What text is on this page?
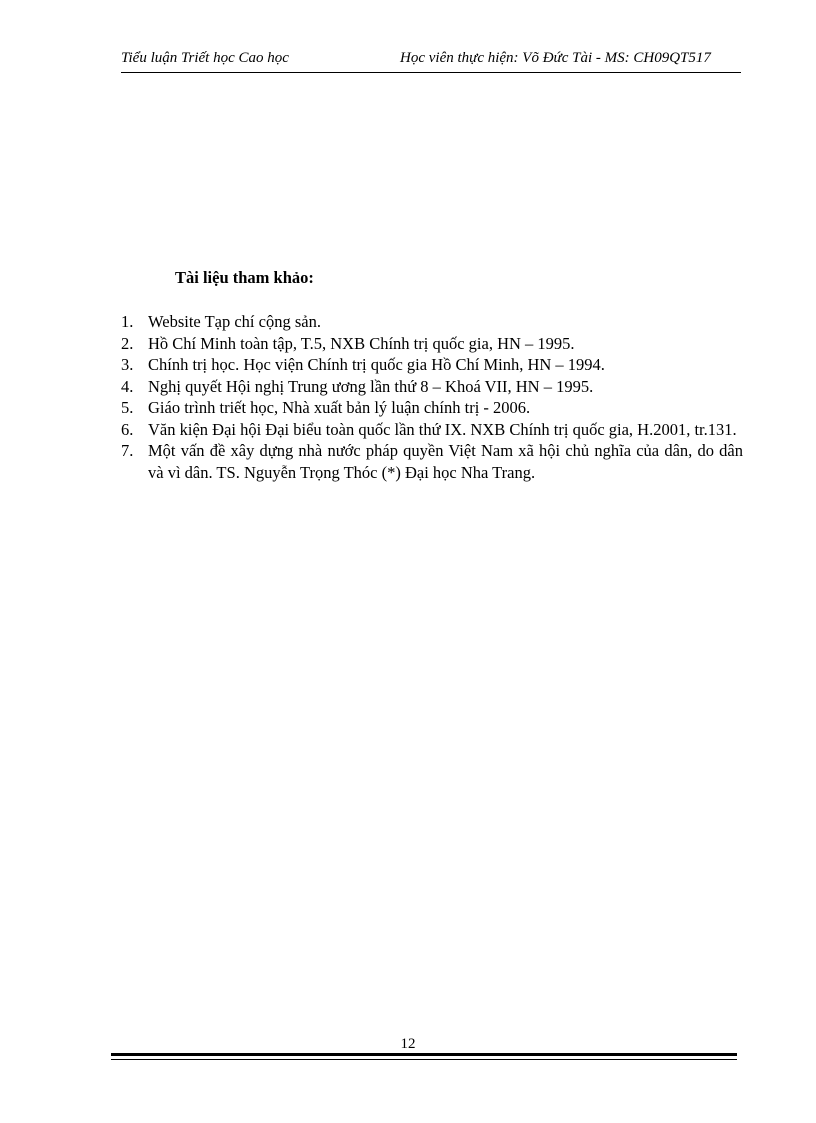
Tiểu luận Triết học Cao học	Học viên thực hiện: Võ Đức Tài - MS: CH09QT517
Tài liệu tham khảo:
1. Website Tạp chí cộng sản.
2. Hồ Chí Minh toàn tập, T.5, NXB Chính trị quốc gia, HN – 1995.
3. Chính trị học. Học viện Chính trị quốc gia Hồ Chí Minh, HN – 1994.
4. Nghị quyết Hội nghị Trung ương lần thứ 8 – Khoá VII, HN – 1995.
5. Giáo trình triết học, Nhà xuất bản lý luận chính trị - 2006.
6. Văn kiện Đại hội Đại biểu toàn quốc lần thứ IX. NXB Chính trị quốc gia, H.2001, tr.131.
7. Một vấn đề xây dựng nhà nước pháp quyền Việt Nam xã hội chủ nghĩa của dân, do dân và vì dân. TS. Nguyễn Trọng Thóc (*) Đại học Nha Trang.
12
